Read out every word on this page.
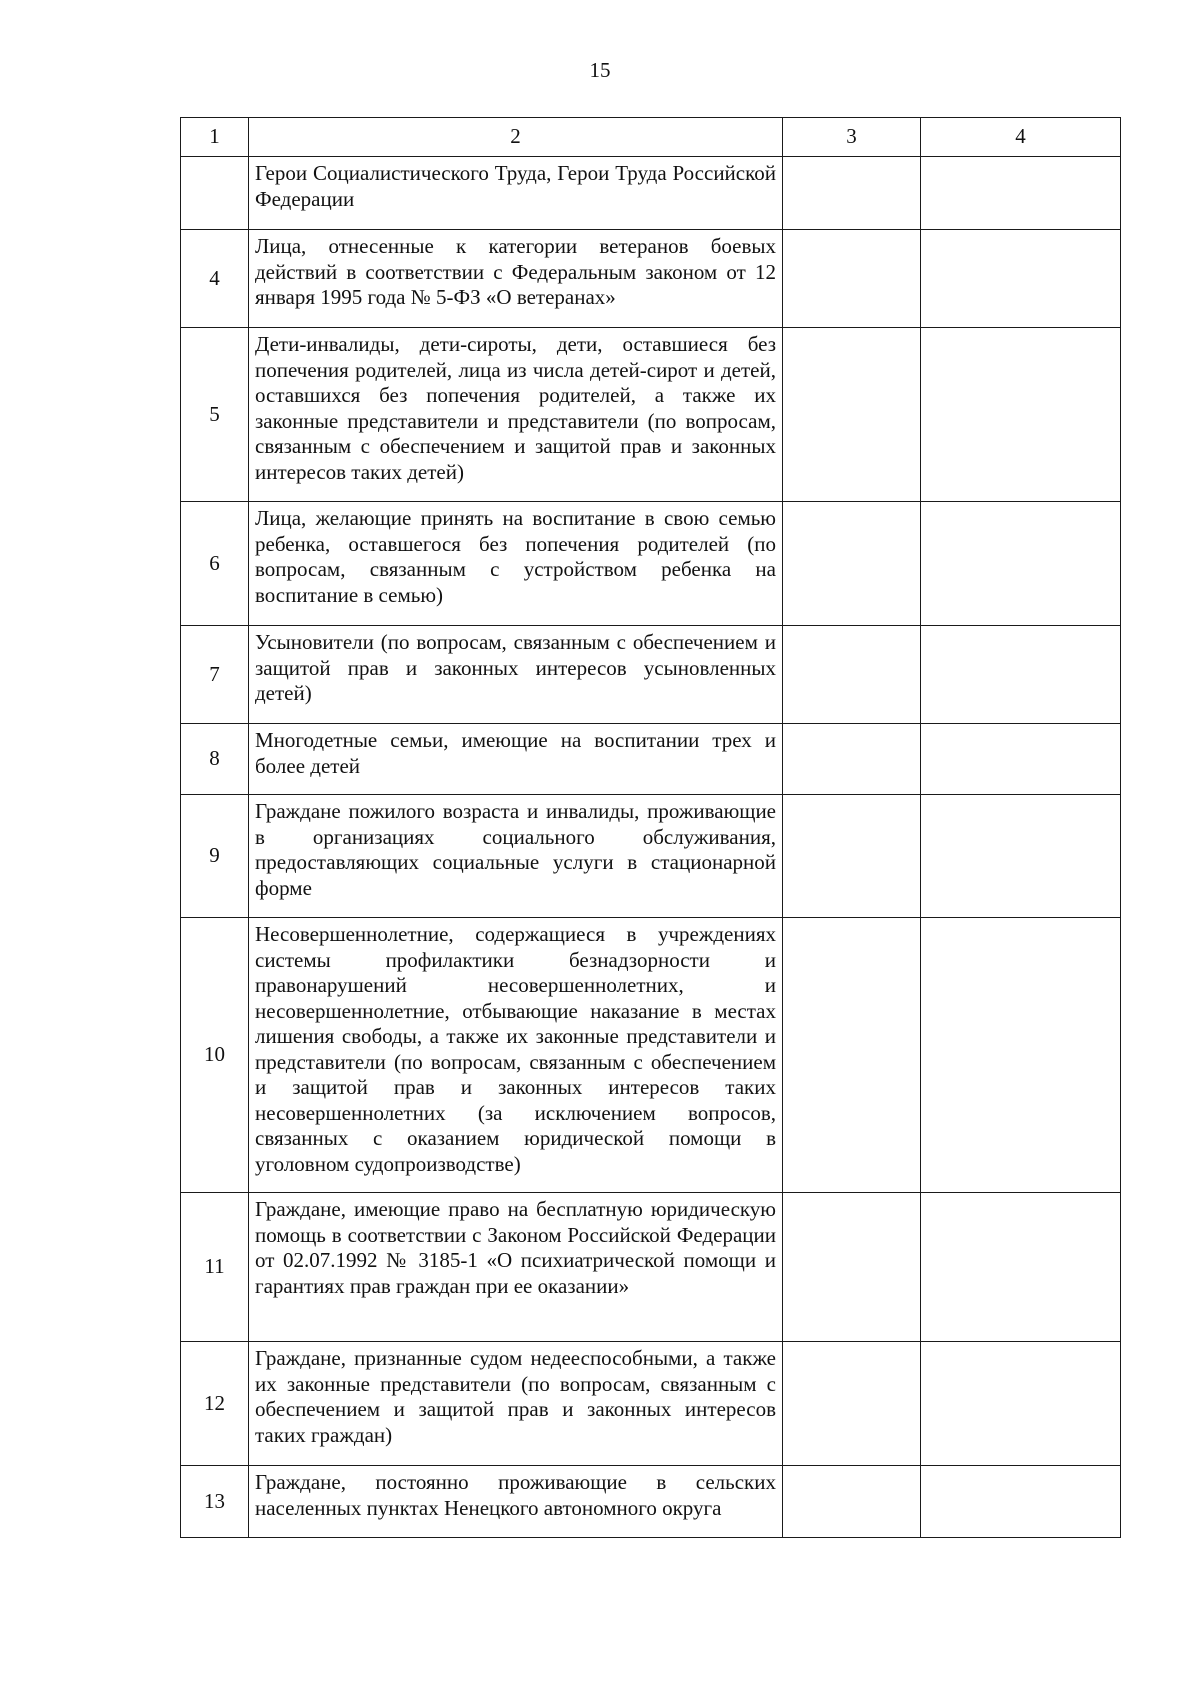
15
1	2	3	4
	Герои Социалистического Труда, Герои Труда Российской Федерации		
4	Лица, отнесенные к категории ветеранов боевых действий в соответствии с Федеральным законом от 12 января 1995 года № 5-ФЗ «О ветеранах»		
5	Дети-инвалиды, дети-сироты, дети, оставшиеся без попечения родителей, лица из числа детей-сирот и детей, оставшихся без попечения родителей, а также их законные представители и представители (по вопросам, связанным с обеспечением и защитой прав и законных интересов таких детей)		
6	Лица, желающие принять на воспитание в свою семью ребенка, оставшегося без попечения родителей (по вопросам, связанным с устройством ребенка на воспитание в семью)		
7	Усыновители (по вопросам, связанным с обеспечением и защитой прав и законных интересов усыновленных детей)		
8	Многодетные семьи, имеющие на воспитании трех и более детей		
9	Граждане пожилого возраста и инвалиды, проживающие в организациях социального обслуживания, предоставляющих социальные услуги в стационарной форме		
10	Несовершеннолетние, содержащиеся в учреждениях системы профилактики безнадзорности и правонарушений несовершеннолетних, и несовершеннолетние, отбывающие наказание в местах лишения свободы, а также их законные представители и представители (по вопросам, связанным с обеспечением и защитой прав и законных интересов таких несовершеннолетних (за исключением вопросов, связанных с оказанием юридической помощи в уголовном судопроизводстве)		
11	Граждане, имеющие право на бесплатную юридическую помощь в соответствии с Законом Российской Федерации от 02.07.1992 № 3185-1 «О психиатрической помощи и гарантиях прав граждан при ее оказании»		
12	Граждане, признанные судом недееспособными, а также их законные представители (по вопросам, связанным с обеспечением и защитой прав и законных интересов таких граждан)		
13	Граждане, постоянно проживающие в сельских населенных пунктах Ненецкого автономного округа		
